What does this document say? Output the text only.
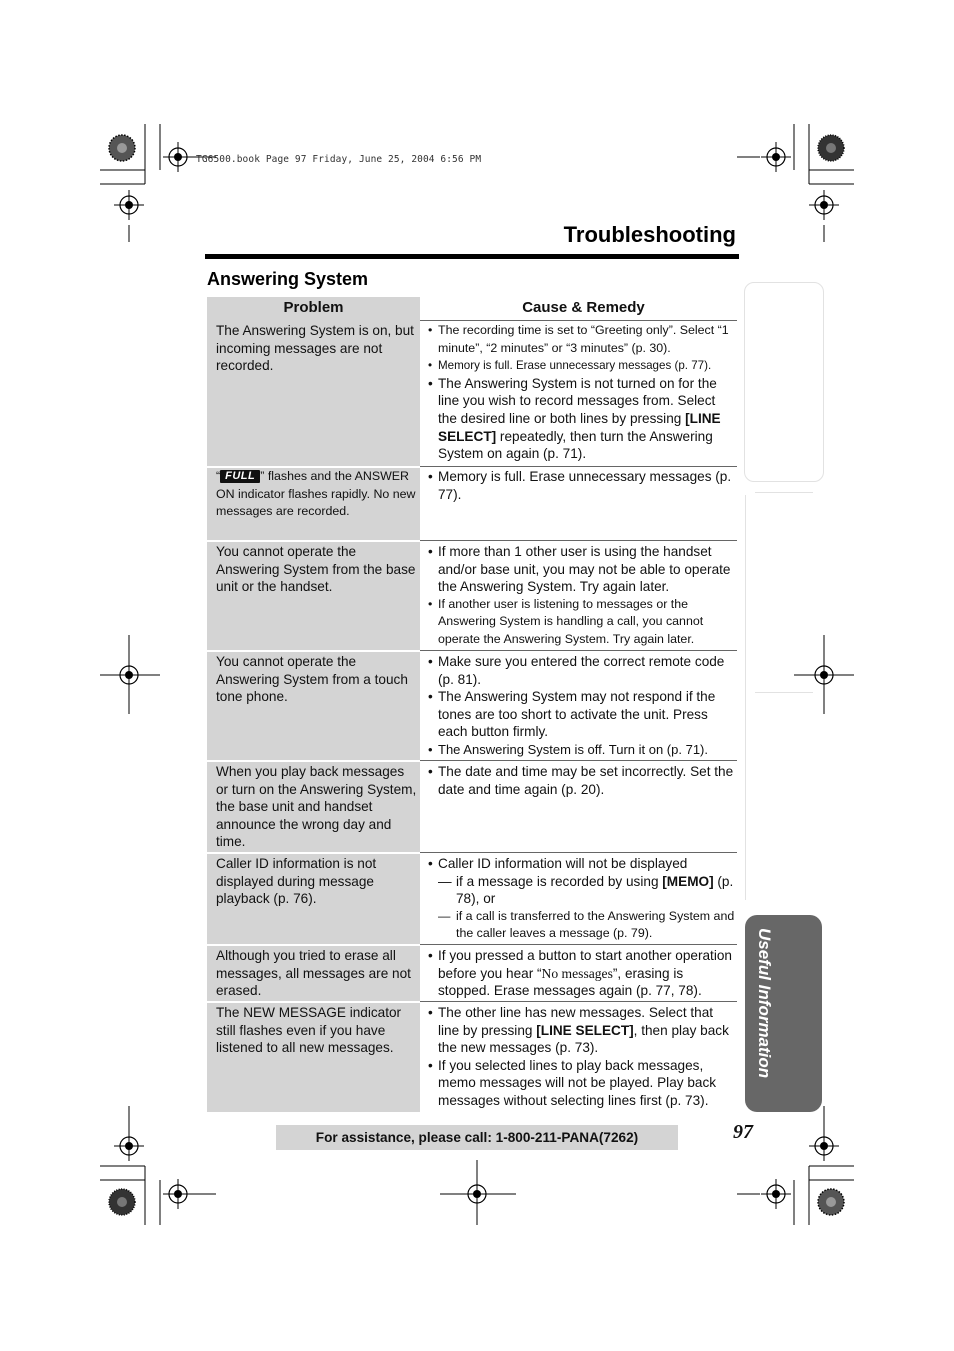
TG6500.book Page 97 Friday, June 25, 2004 6:56 PM
Troubleshooting
Answering System
Useful Information
Problem	Cause & Remedy
The Answering System is on, but incoming messages are not recorded.
• The recording time is set to “Greeting only”. Select “1 minute”, “2 minutes” or “3 minutes” (p. 30).
• Memory is full. Erase unnecessary messages (p. 77).
• The Answering System is not turned on for the line you wish to record messages from. Select the desired line or both lines by pressing [LINE SELECT] repeatedly, then turn the Answering System on again (p. 71).
“ FULL ” flashes and the ANSWER ON indicator flashes rapidly. No new messages are recorded.
• Memory is full. Erase unnecessary messages (p. 77).
You cannot operate the Answering System from the base unit or the handset.
• If more than 1 other user is using the handset and/or base unit, you may not be able to operate the Answering System. Try again later.
• If another user is listening to messages or the Answering System is handling a call, you cannot operate the Answering System. Try again later.
You cannot operate the Answering System from a touch tone phone.
• Make sure you entered the correct remote code (p. 81).
• The Answering System may not respond if the tones are too short to activate the unit. Press each button firmly.
• The Answering System is off. Turn it on (p. 71).
When you play back messages or turn on the Answering System, the base unit and handset announce the wrong day and time.
• The date and time may be set incorrectly. Set the date and time again (p. 20).
Caller ID information is not displayed during message playback (p. 76).
• Caller ID information will not be displayed
— if a message is recorded by using [MEMO] (p. 78), or
— if a call is transferred to the Answering System and the caller leaves a message (p. 79).
Although you tried to erase all messages, all messages are not erased.
• If you pressed a button to start another operation before you hear “No messages”, erasing is stopped. Erase messages again (p. 77, 78).
The NEW MESSAGE indicator still flashes even if you have listened to all new messages.
• The other line has new messages. Select that line by pressing [LINE SELECT], then play back the new messages (p. 73).
• If you selected lines to play back messages, memo messages will not be played. Play back messages without selecting lines first (p. 73).
For assistance, please call: 1-800-211-PANA(7262)	97
